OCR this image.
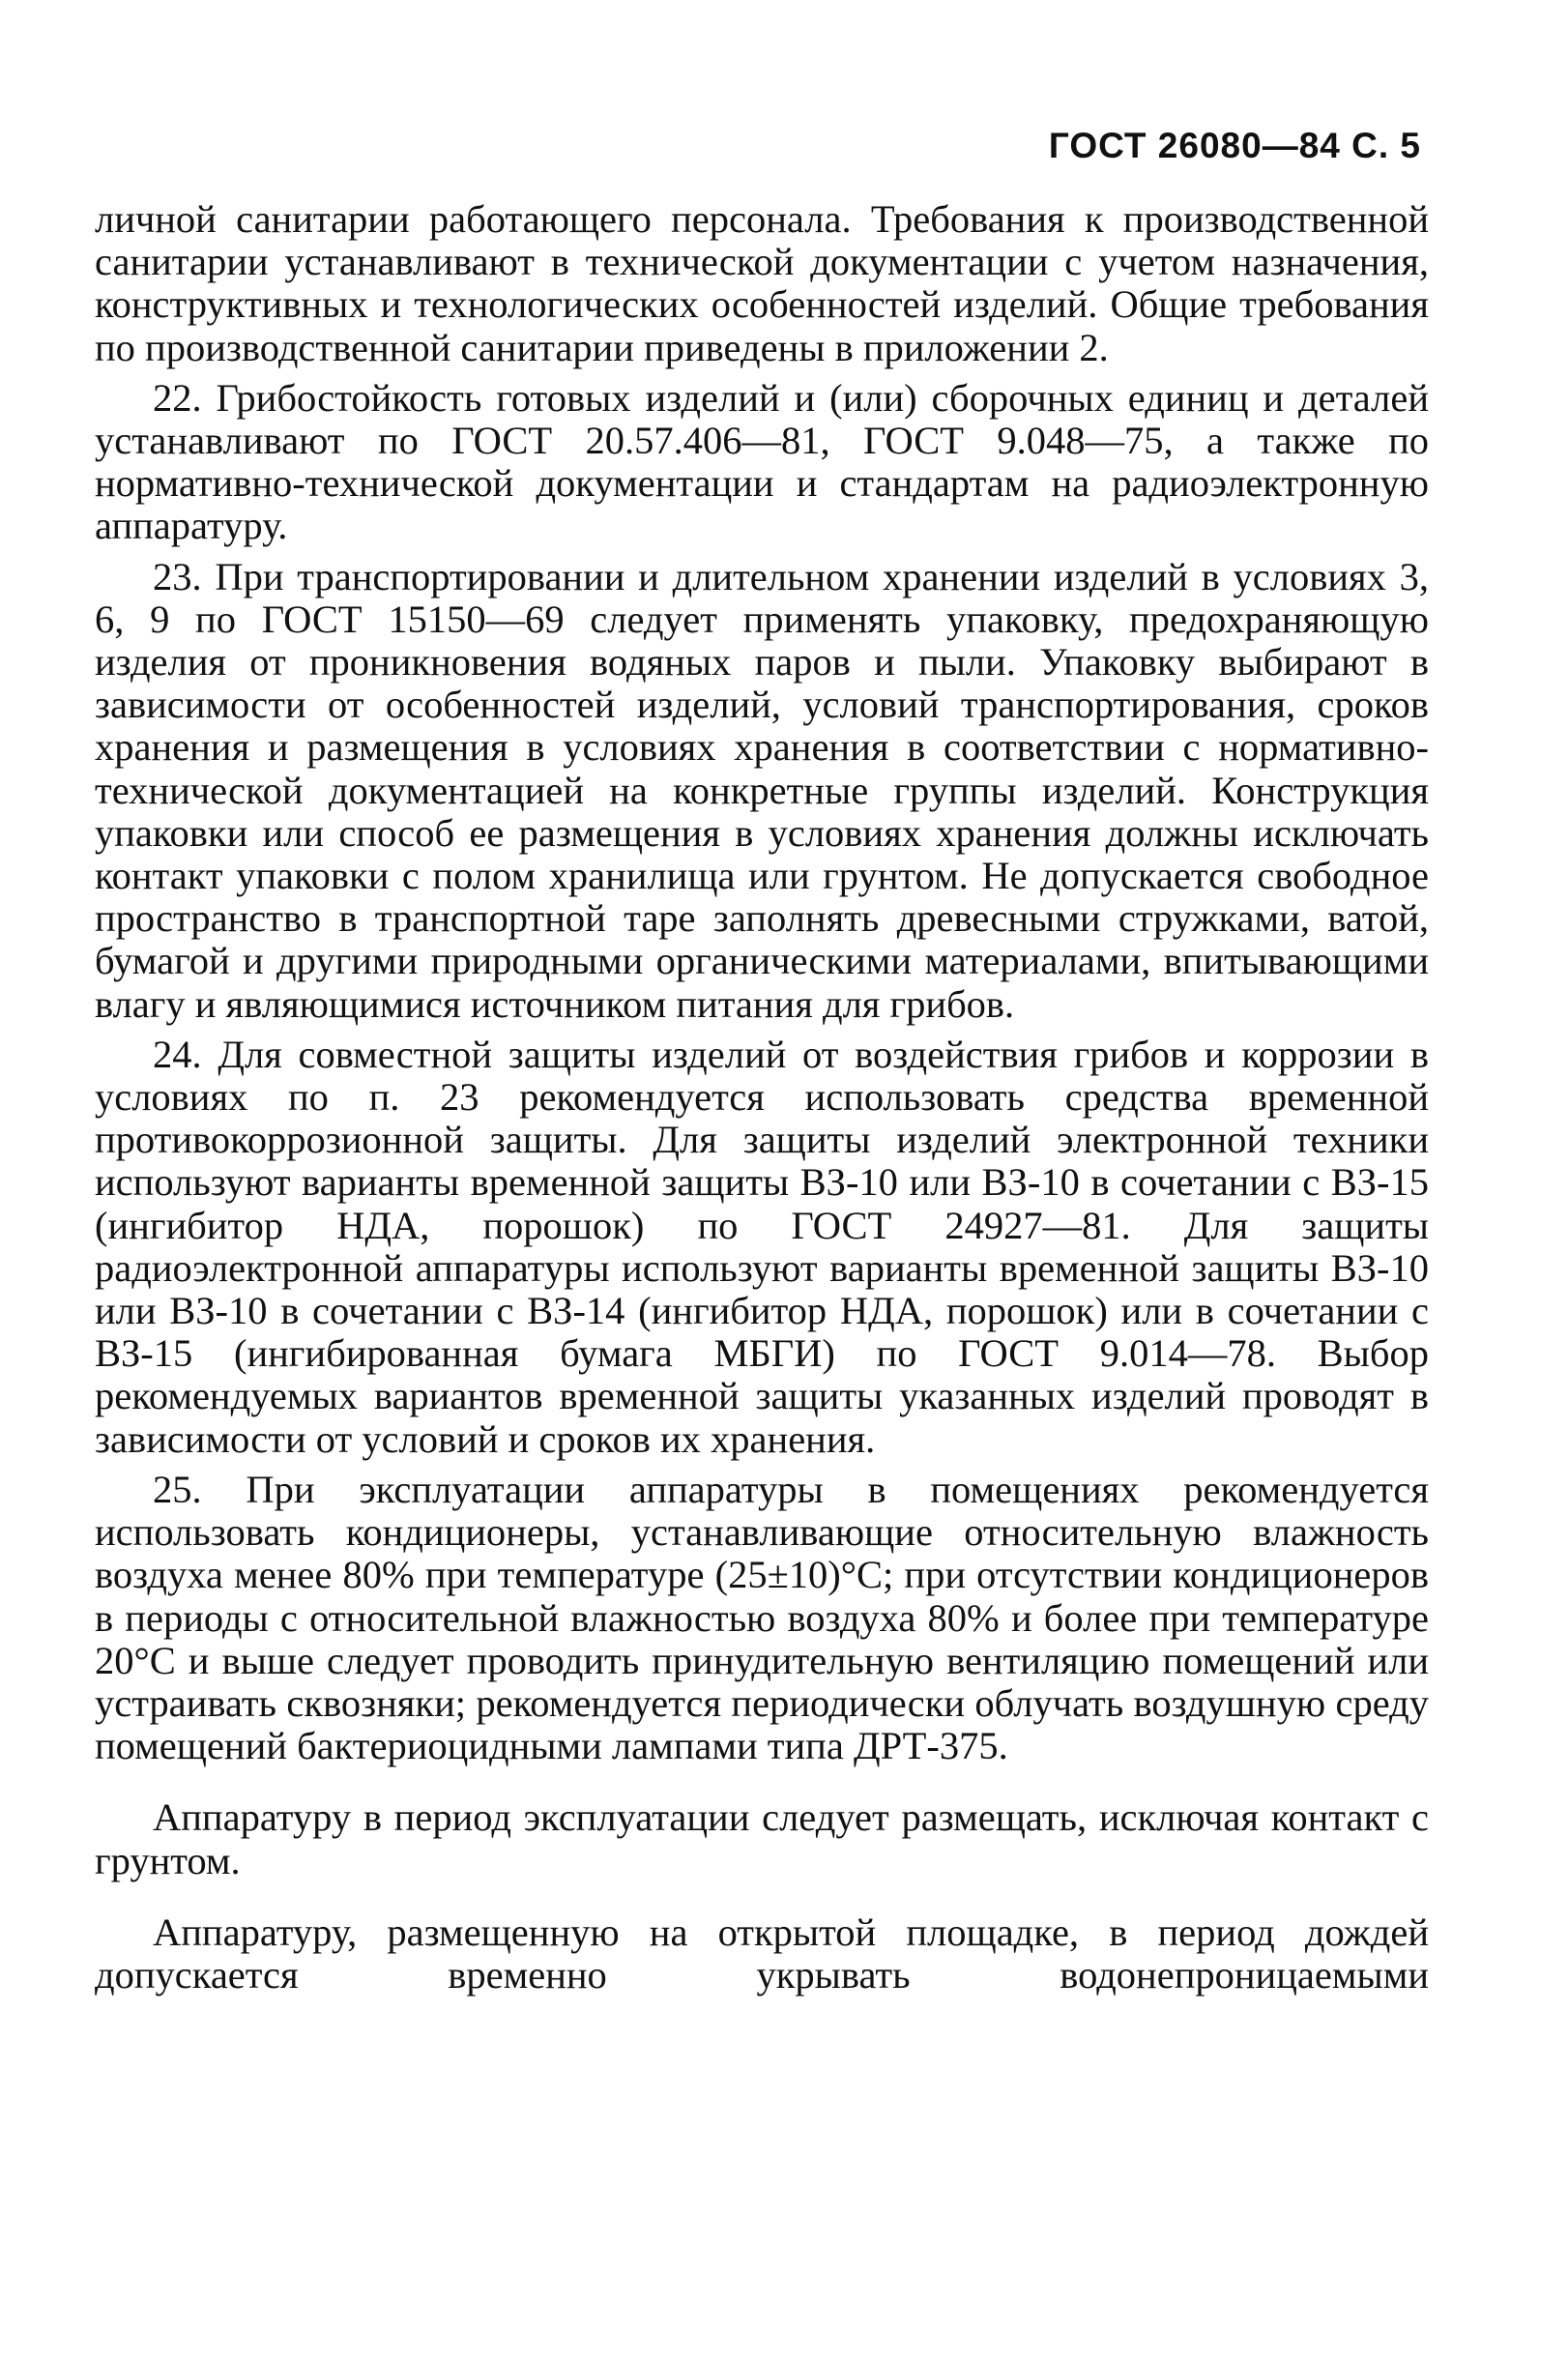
ГОСТ 26080—84 С. 5

личной санитарии работающего персонала. Требования к производственной санитарии устанавливают в технической документации с учетом назначения, конструктивных и технологических особенностей изделий. Общие требования по производственной санитарии приведены в приложении 2.

22. Грибостойкость готовых изделий и (или) сборочных единиц и деталей устанавливают по ГОСТ 20.57.406—81, ГОСТ 9.048—75, а также по нормативно-технической документации и стандартам на радиоэлектронную аппаратуру.

23. При транспортировании и длительном хранении изделий в условиях 3, 6, 9 по ГОСТ 15150—69 следует применять упаковку, предохраняющую изделия от проникновения водяных паров и пыли. Упаковку выбирают в зависимости от особенностей изделий, условий транспортирования, сроков хранения и размещения в условиях хранения в соответствии с нормативно-технической документацией на конкретные группы изделий. Конструкция упаковки или способ ее размещения в условиях хранения должны исключать контакт упаковки с полом хранилища или грунтом. Не допускается свободное пространство в транспортной таре заполнять древесными стружками, ватой, бумагой и другими природными органическими материалами, впитывающими влагу и являющимися источником питания для грибов.

24. Для совместной защиты изделий от воздействия грибов и коррозии в условиях по п. 23 рекомендуется использовать средства временной противокоррозионной защиты. Для защиты изделий электронной техники используют варианты временной защиты ВЗ-10 или ВЗ-10 в сочетании с ВЗ-15 (ингибитор НДА, порошок) по ГОСТ 24927—81. Для защиты радиоэлектронной аппаратуры используют варианты временной защиты ВЗ-10 или ВЗ-10 в сочетании с ВЗ-14 (ингибитор НДА, порошок) или в сочетании с ВЗ-15 (ингибированная бумага МБГИ) по ГОСТ 9.014—78. Выбор рекомендуемых вариантов временной защиты указанных изделий проводят в зависимости от условий и сроков их хранения.

25. При эксплуатации аппаратуры в помещениях рекомендуется использовать кондиционеры, устанавливающие относительную влажность воздуха менее 80% при температуре (25±10)°С; при отсутствии кондиционеров в периоды с относительной влажностью воздуха 80% и более при температуре 20°С и выше следует проводить принудительную вентиляцию помещений или устраивать сквозняки; рекомендуется периодически облучать воздушную среду помещений бактериоцидными лампами типа ДРТ-375.

Аппаратуру в период эксплуатации следует размещать, исключая контакт с грунтом.

Аппаратуру, размещенную на открытой площадке, в период дождей допускается временно укрывать водонепроницаемыми
